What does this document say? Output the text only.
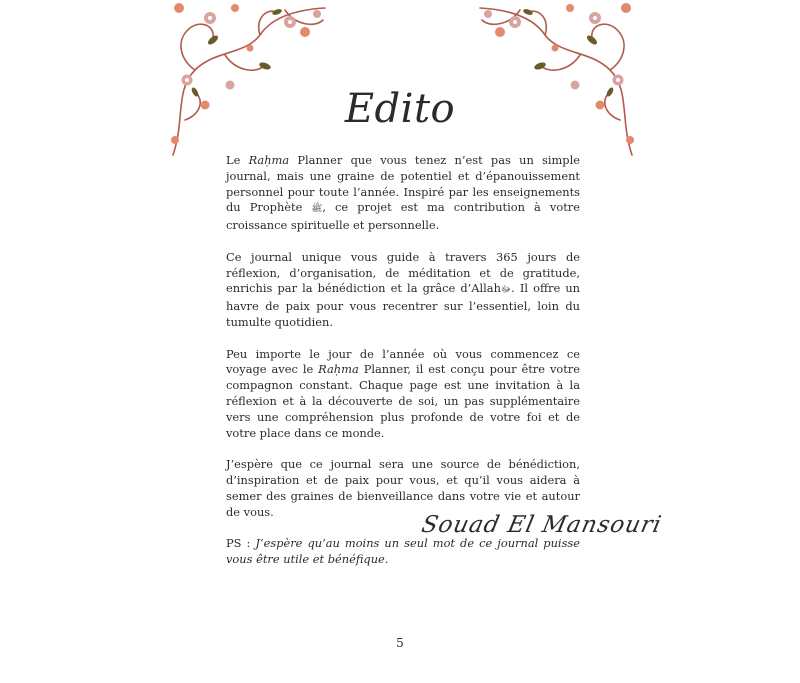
Edito

Le Raḥma Planner que vous tenez n’est pas un simple journal, mais une graine de potentiel et d’épanouissement personnel pour toute l’année. Inspiré par les enseignements du Prophète ﷺ, ce projet est ma contribution à votre croissance spirituelle et personnelle.

Ce journal unique vous guide à travers 365 jours de réflexion, d’organisation, de méditation et de gratitude, enrichis par la bénédiction et la grâce d’Allahﷻ. Il offre un havre de paix pour vous recentrer sur l’essentiel, loin du tumulte quotidien.

Peu importe le jour de l’année où vous commencez ce voyage avec le Raḥma Planner, il est conçu pour être votre compagnon constant. Chaque page est une invitation à la réflexion et à la découverte de soi, un pas supplémentaire vers une compréhension plus profonde de votre foi et de votre place dans ce monde.

J’espère que ce journal sera une source de bénédiction, d’inspiration et de paix pour vous, et qu’il vous aidera à semer des graines de bienveillance dans votre vie et autour de vous.

PS : J’espère qu’au moins un seul mot de ce journal puisse vous être utile et bénéfique.

Souad El Mansouri
5
